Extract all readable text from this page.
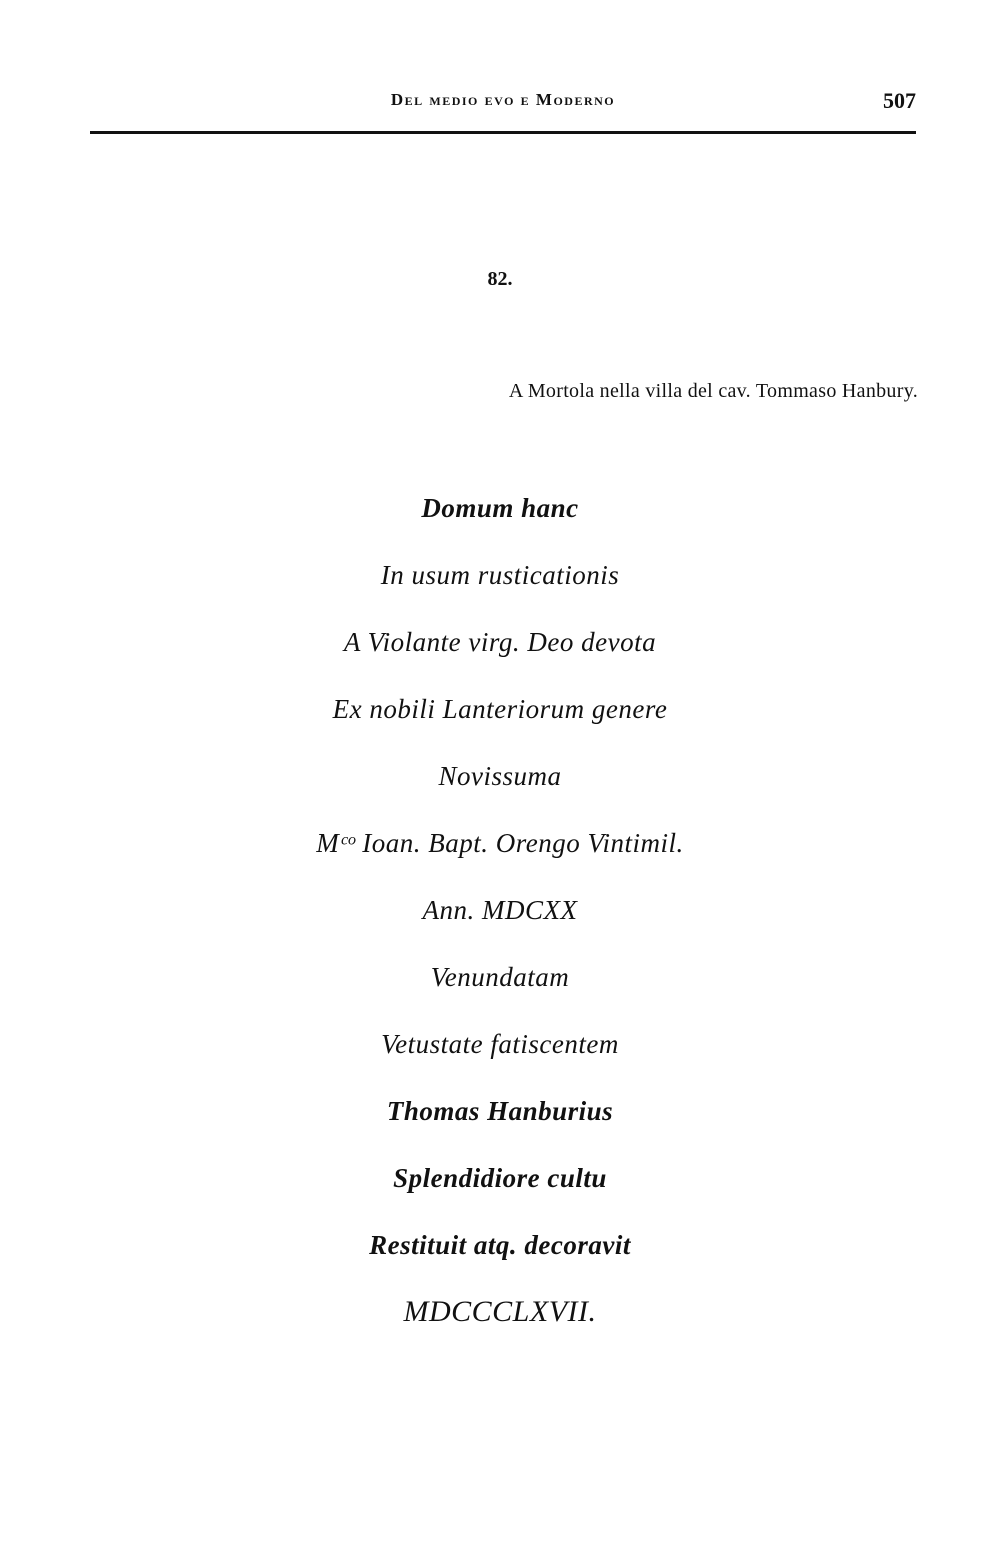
Del medio evo e Moderno	507
82.
A Mortola nella villa del cav. Tommaso Hanbury.
Domum hanc
In usum rusticationis
A Violante virg. Deo devota
Ex nobili Lanteriorum genere
Novissuma
Mᶜᵒ Ioan. Bapt. Orengo Vintimil.
Ann. MDCXX
Venundatam
Vetustate fatiscentem
Thomas Hanburius
Splendidiore cultu
Restituit atq. decoravit
MDCCCLXVII.
